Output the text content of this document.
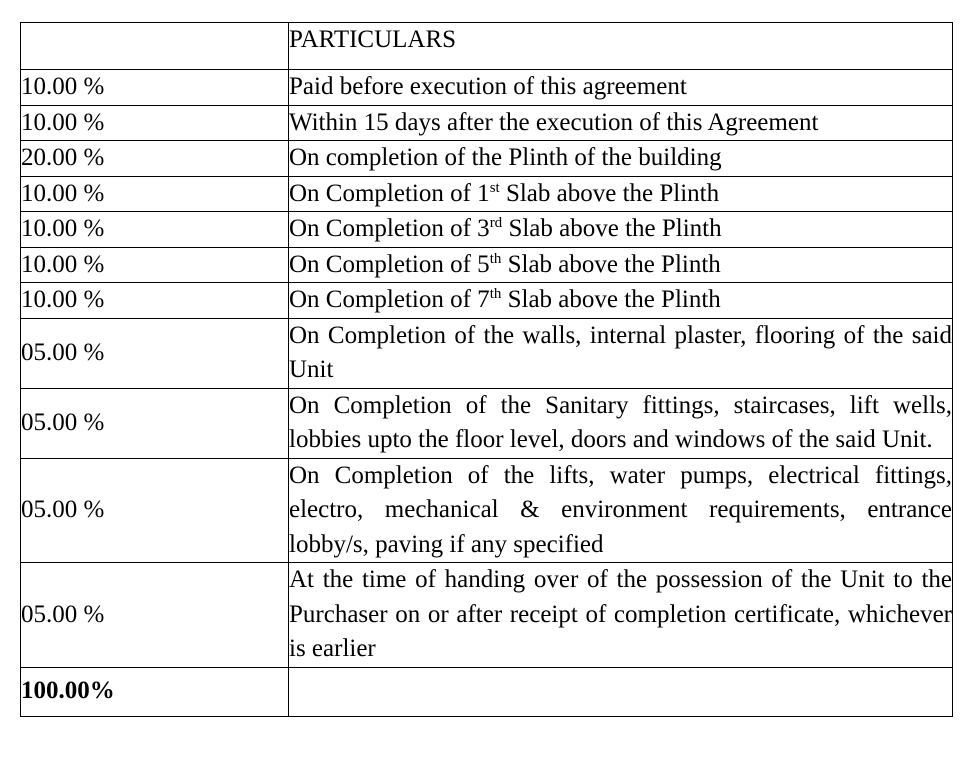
	PARTICULARS
10.00 %	Paid before execution of this agreement
10.00 %	Within 15 days after the execution of this Agreement
20.00 %	On completion of the Plinth of the building
10.00 %	On Completion of 1st Slab above the Plinth
10.00 %	On Completion of 3rd Slab above the Plinth
10.00 %	On Completion of 5th Slab above the Plinth
10.00 %	On Completion of 7th Slab above the Plinth
05.00 %	On Completion of the walls, internal plaster, flooring of the said Unit
05.00 %	On Completion of the Sanitary fittings, staircases, lift wells, lobbies upto the floor level, doors and windows of the said Unit.
05.00 %	On Completion of the lifts, water pumps, electrical fittings, electro, mechanical & environment requirements, entrance lobby/s, paving if any specified
05.00 %	At the time of handing over of the possession of the Unit to the Purchaser on or after receipt of completion certificate, whichever is earlier
100.00%	
